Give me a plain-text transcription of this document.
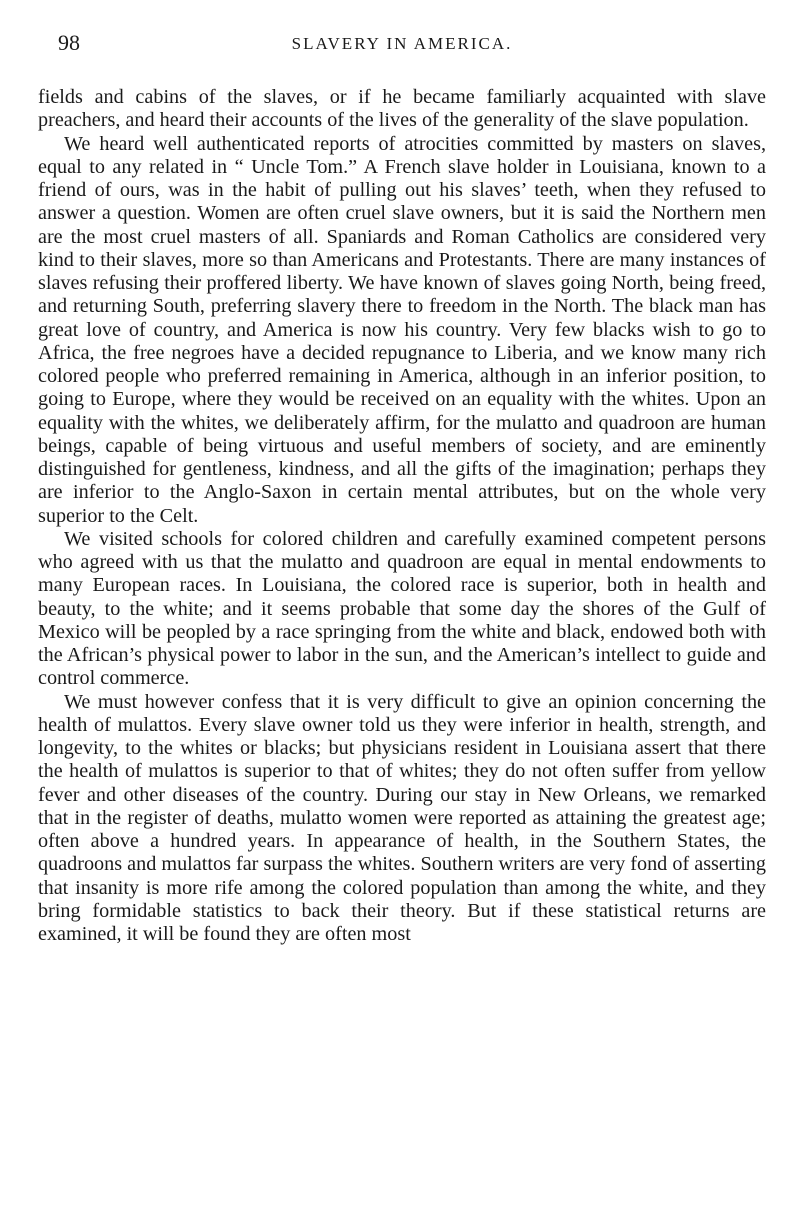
98	SLAVERY IN AMERICA.

fields and cabins of the slaves, or if he became familiarly acquainted with slave preachers, and heard their accounts of the lives of the generality of the slave population.

We heard well authenticated reports of atrocities committed by masters on slaves, equal to any related in “ Uncle Tom.” A French slave holder in Louisiana, known to a friend of ours, was in the habit of pulling out his slaves’ teeth, when they refused to answer a question. Women are often cruel slave owners, but it is said the Northern men are the most cruel masters of all. Spaniards and Roman Catholics are considered very kind to their slaves, more so than Americans and Protestants. There are many instances of slaves refusing their proffered liberty. We have known of slaves going North, being freed, and returning South, preferring slavery there to freedom in the North. The black man has great love of country, and America is now his country. Very few blacks wish to go to Africa, the free negroes have a decided repugnance to Liberia, and we know many rich colored people who preferred remaining in America, although in an inferior position, to going to Europe, where they would be received on an equality with the whites. Upon an equality with the whites, we deliberately affirm, for the mulatto and quadroon are human beings, capable of being virtuous and useful members of society, and are eminently distinguished for gentleness, kindness, and all the gifts of the imagination; perhaps they are inferior to the Anglo-Saxon in certain mental attributes, but on the whole very superior to the Celt.

We visited schools for colored children and carefully examined competent persons who agreed with us that the mulatto and quadroon are equal in mental endowments to many European races. In Louisiana, the colored race is superior, both in health and beauty, to the white; and it seems probable that some day the shores of the Gulf of Mexico will be peopled by a race springing from the white and black, endowed both with the African’s physical power to labor in the sun, and the American’s intellect to guide and control commerce.

We must however confess that it is very difficult to give an opinion concerning the health of mulattos. Every slave owner told us they were inferior in health, strength, and longevity, to the whites or blacks; but physicians resident in Louisiana assert that there the health of mulattos is superior to that of whites; they do not often suffer from yellow fever and other diseases of the country. During our stay in New Orleans, we remarked that in the register of deaths, mulatto women were reported as attaining the greatest age; often above a hundred years. In appearance of health, in the Southern States, the quadroons and mulattos far surpass the whites. Southern writers are very fond of asserting that insanity is more rife among the colored population than among the white, and they bring formidable statistics to back their theory. But if these statistical returns are examined, it will be found they are often most
